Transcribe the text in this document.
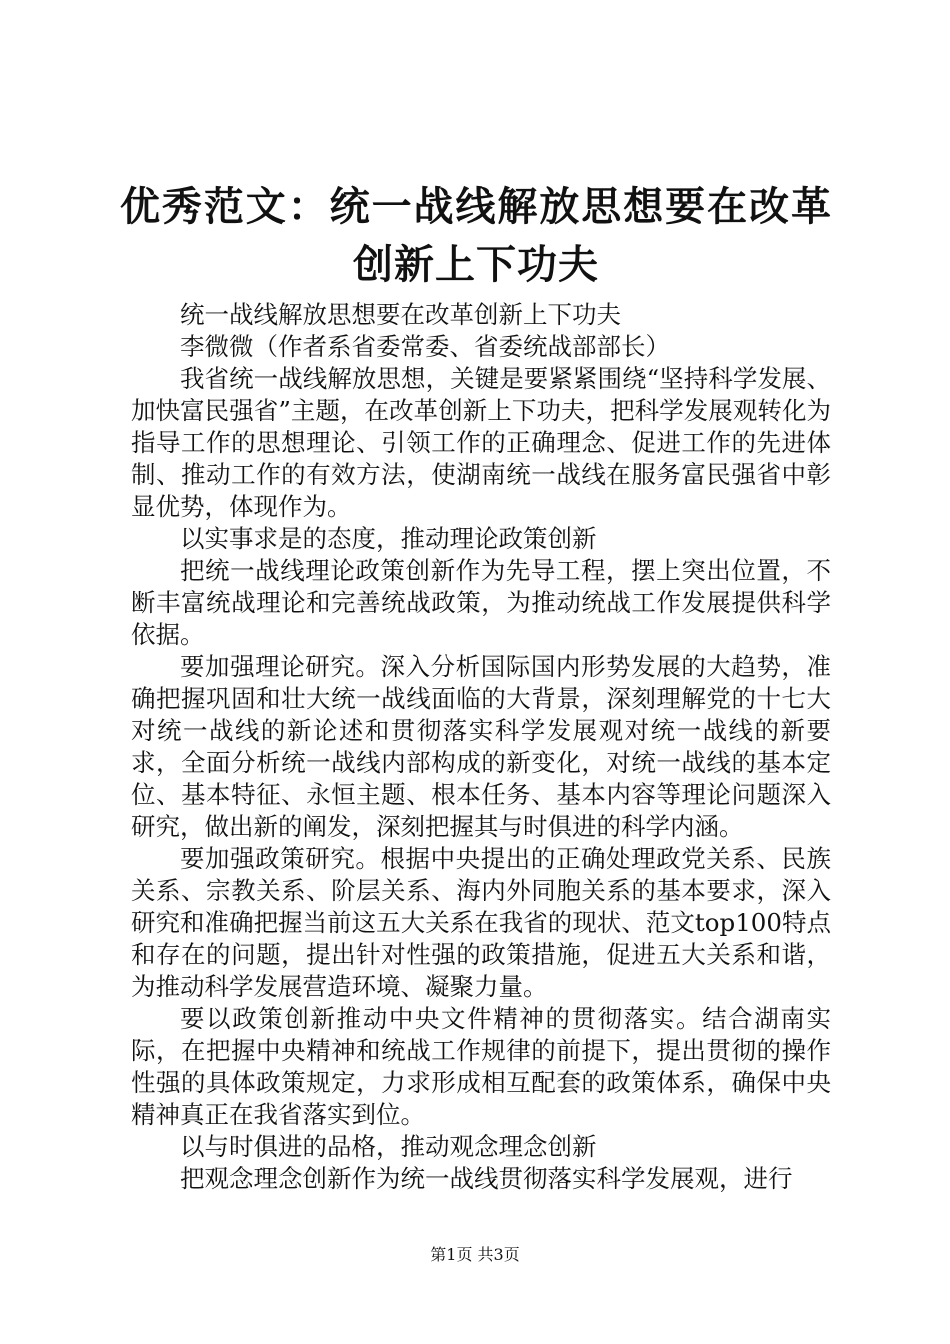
优秀范文：统一战线解放思想要在改革创新上下功夫

统一战线解放思想要在改革创新上下功夫

李微微（作者系省委常委、省委统战部部长）

我省统一战线解放思想，关键是要紧紧围绕“坚持科学发展、加快富民强省”主题，在改革创新上下功夫，把科学发展观转化为指导工作的思想理论、引领工作的正确理念、促进工作的先进体制、推动工作的有效方法，使湖南统一战线在服务富民强省中彰显优势，体现作为。

以实事求是的态度，推动理论政策创新

把统一战线理论政策创新作为先导工程，摆上突出位置，不断丰富统战理论和完善统战政策，为推动统战工作发展提供科学依据。

要加强理论研究。深入分析国际国内形势发展的大趋势，准确把握巩固和壮大统一战线面临的大背景，深刻理解党的十七大对统一战线的新论述和贯彻落实科学发展观对统一战线的新要求，全面分析统一战线内部构成的新变化，对统一战线的基本定位、基本特征、永恒主题、根本任务、基本内容等理论问题深入研究，做出新的阐发，深刻把握其与时俱进的科学内涵。

要加强政策研究。根据中央提出的正确处理政党关系、民族关系、宗教关系、阶层关系、海内外同胞关系的基本要求，深入研究和准确把握当前这五大关系在我省的现状、范文top100特点和存在的问题，提出针对性强的政策措施，促进五大关系和谐，为推动科学发展营造环境、凝聚力量。

要以政策创新推动中央文件精神的贯彻落实。结合湖南实际，在把握中央精神和统战工作规律的前提下，提出贯彻的操作性强的具体政策规定，力求形成相互配套的政策体系，确保中央精神真正在我省落实到位。

以与时俱进的品格，推动观念理念创新

把观念理念创新作为统一战线贯彻落实科学发展观，进行

第1页 共3页
